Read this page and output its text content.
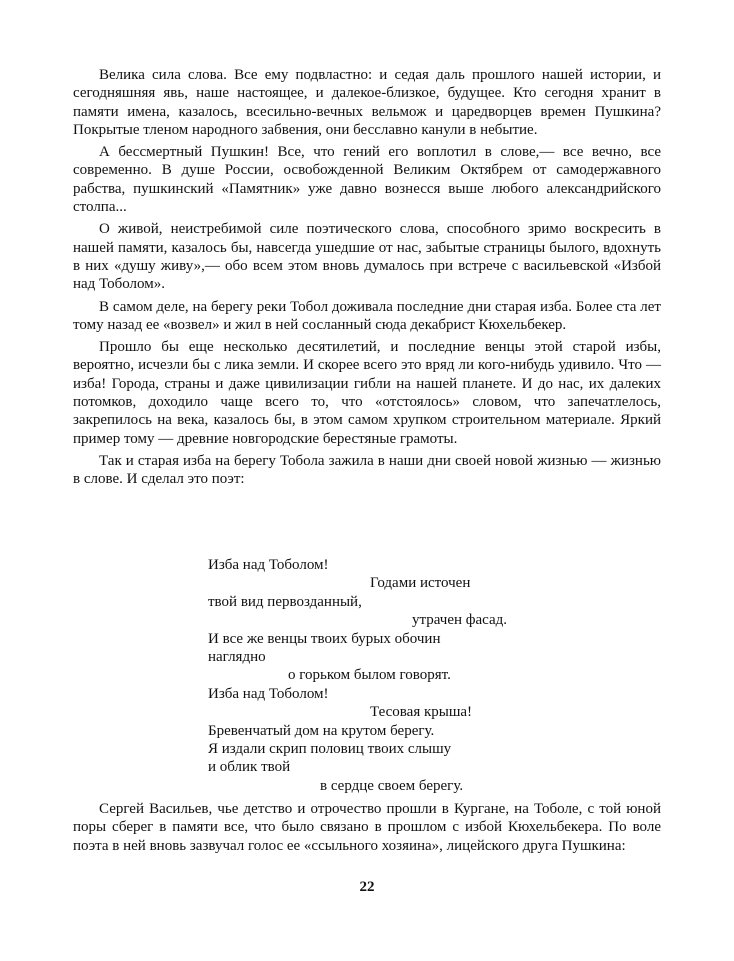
Велика сила слова. Все ему подвластно: и седая даль прошлого нашей истории, и сегодняшняя явь, наше настоящее, и далекое-близкое, будущее. Кто сегодня хранит в памяти имена, казалось, всесильно-вечных вельмож и царедворцев времен Пушкина? Покрытые тленом народного забвения, они бесславно канули в небытие.

А бессмертный Пушкин! Все, что гений его воплотил в слове,— все вечно, все современно. В душе России, освобожденной Великим Октябрем от самодержавного рабства, пушкинский «Памятник» уже давно вознесся выше любого александрийского столпа...

О живой, неистребимой силе поэтического слова, способного зримо воскресить в нашей памяти, казалось бы, навсегда ушедшие от нас, забытые страницы былого, вдохнуть в них «душу живу»,— обо всем этом вновь думалось при встрече с васильевской «Избой над Тоболом».

В самом деле, на берегу реки Тобол доживала последние дни старая изба. Более ста лет тому назад ее «возвел» и жил в ней сосланный сюда декабрист Кюхельбекер.

Прошло бы еще несколько десятилетий, и последние венцы этой старой избы, вероятно, исчезли бы с лика земли. И скорее всего это вряд ли кого-нибудь удивило. Что — изба! Города, страны и даже цивилизации гибли на нашей планете. И до нас, их далеких потомков, доходило чаще всего то, что «отстоялось» словом, что запечатлелось, закрепилось на века, казалось бы, в этом самом хрупком строительном материале. Яркий пример тому — древние новгородские берестяные грамоты.

Так и старая изба на берегу Тобола зажила в наши дни своей новой жизнью — жизнью в слове. И сделал это поэт:

Изба над Тоболом!
Годами источен
твой вид первозданный,
утрачен фасад.
И все же венцы твоих бурых обочин
наглядно
о горьком былом говорят.
Изба над Тоболом!
Тесовая крыша!
Бревенчатый дом на крутом берегу.
Я издали скрип половиц твоих слышу
и облик твой
в сердце своем берегу.

Сергей Васильев, чье детство и отрочество прошли в Кургане, на Тоболе, с той юной поры сберег в памяти все, что было связано в прошлом с избой Кюхельбекера. По воле поэта в ней вновь зазвучал голос ее «ссыльного хозяина», лицейского друга Пушкина:

22
